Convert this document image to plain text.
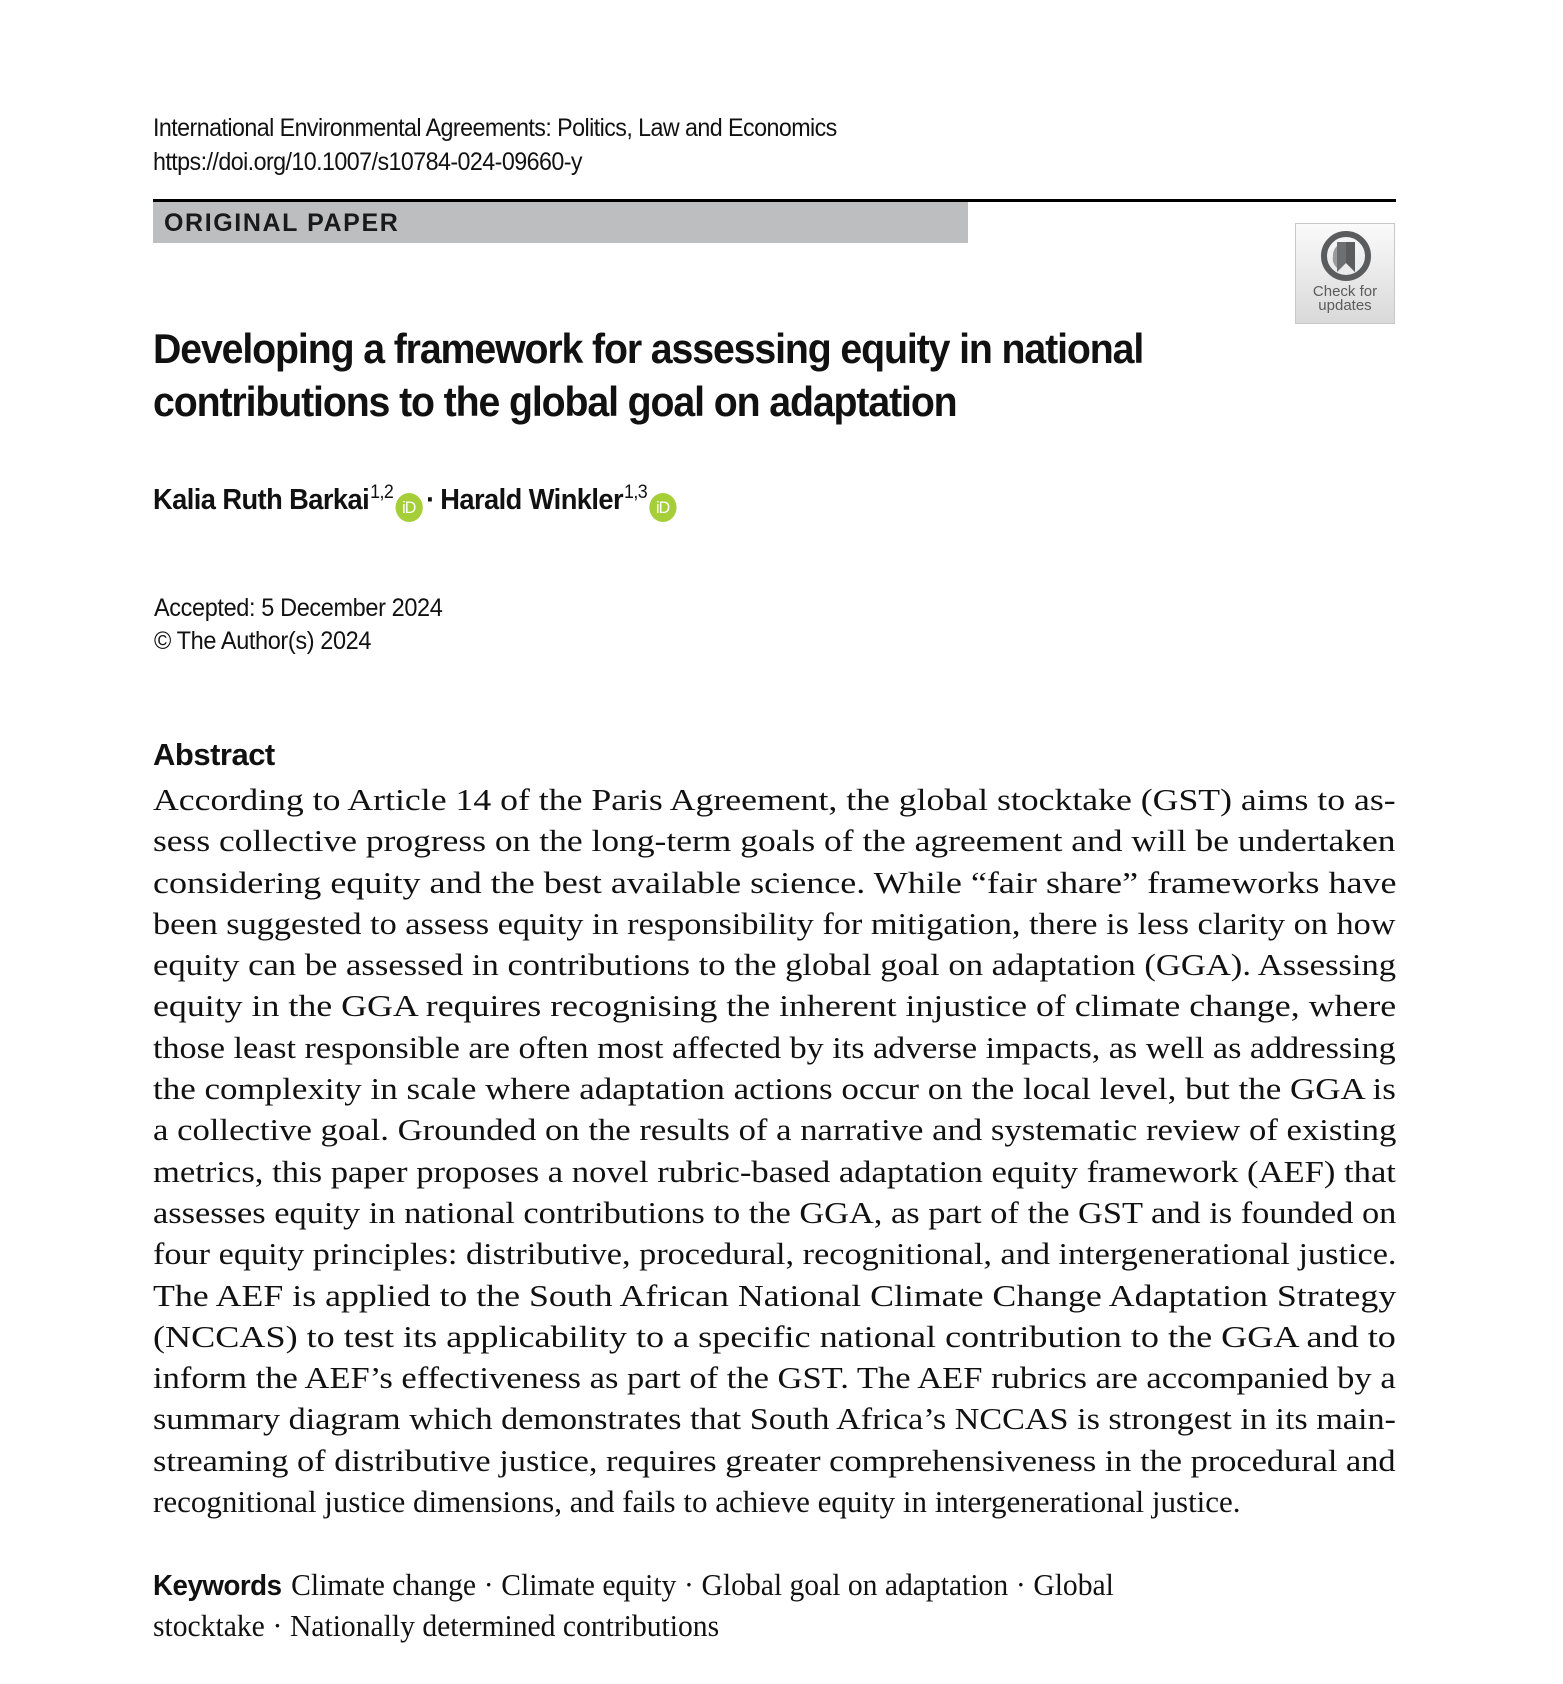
International Environmental Agreements: Politics, Law and Economics
https://doi.org/10.1007/s10784-024-09660-y
ORIGINAL PAPER
Check for
updates
Developing a framework for assessing equity in national
contributions to the global goal on adaptation
Kalia Ruth Barkai$^{1,2}$iD · Harald Winkler$^{1,3}$iD
Accepted: 5 December 2024
© The Author(s) 2024
Abstract

According to Article 14 of the Paris Agreement, the global stocktake (GST) aims to as-
sess collective progress on the long-term goals of the agreement and will be undertaken
considering equity and the best available science. While “fair share” frameworks have
been suggested to assess equity in responsibility for mitigation, there is less clarity on how
equity can be assessed in contributions to the global goal on adaptation (GGA). Assessing
equity in the GGA requires recognising the inherent injustice of climate change, where
those least responsible are often most affected by its adverse impacts, as well as addressing
the complexity in scale where adaptation actions occur on the local level, but the GGA is
a collective goal. Grounded on the results of a narrative and systematic review of existing
metrics, this paper proposes a novel rubric-based adaptation equity framework (AEF) that
assesses equity in national contributions to the GGA, as part of the GST and is founded on
four equity principles: distributive, procedural, recognitional, and intergenerational justice.
The AEF is applied to the South African National Climate Change Adaptation Strategy
(NCCAS) to test its applicability to a specific national contribution to the GGA and to
inform the AEF’s effectiveness as part of the GST. The AEF rubrics are accompanied by a
summary diagram which demonstrates that South Africa’s NCCAS is strongest in its main-
streaming of distributive justice, requires greater comprehensiveness in the procedural and
recognitional justice dimensions, and fails to achieve equity in intergenerational justice.

Keywords Climate change · Climate equity · Global goal on adaptation · Global stocktake · Nationally determined contributions
